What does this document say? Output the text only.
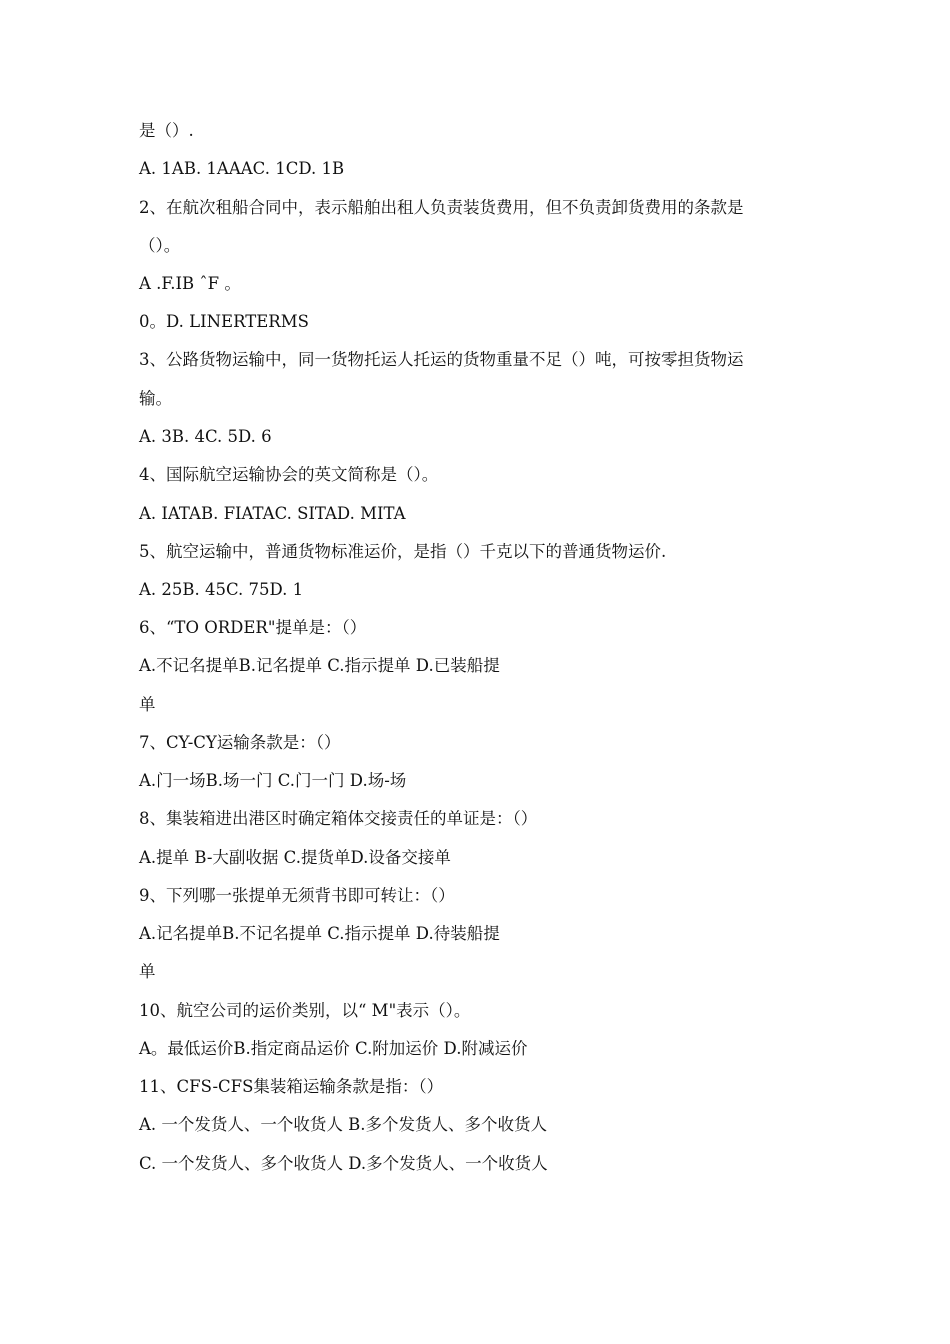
是（）.
A. 1AB. 1AAAC. 1CD. 1B
2、在航次租船合同中，表示船舶出租人负责装货费用，但不负责卸货费用的条款是
（）。
A .F.IB ˆF 。
0。D. LINERTERMS
3、公路货物运输中，同一货物托运人托运的货物重量不足（）吨，可按零担货物运
输。
A. 3B. 4C. 5D. 6
4、国际航空运输协会的英文简称是（）。
A. IATAB. FIATAC. SITAD. MITA
5、航空运输中，普通货物标准运价，是指（）千克以下的普通货物运价.
A. 25B. 45C. 75D. 1
6、“TO ORDER"提单是：（）
A.不记名提单B.记名提单 C.指示提单 D.已装船提
单
7、CY-CY运输条款是：（）
A.门一场B.场一门 C.门一门 D.场-场
8、集装箱进出港区时确定箱体交接责任的单证是：（）
A.提单 B-大副收据 C.提货单D.设备交接单
9、下列哪一张提单无须背书即可转让：（）
A.记名提单B.不记名提单 C.指示提单 D.待装船提
单
10、航空公司的运价类别，以“ M"表示（）。
A。最低运价B.指定商品运价 C.附加运价 D.附减运价
11、CFS-CFS集装箱运输条款是指：（）
A. 一个发货人、一个收货人 B.多个发货人、多个收货人
C. 一个发货人、多个收货人 D.多个发货人、一个收货人
